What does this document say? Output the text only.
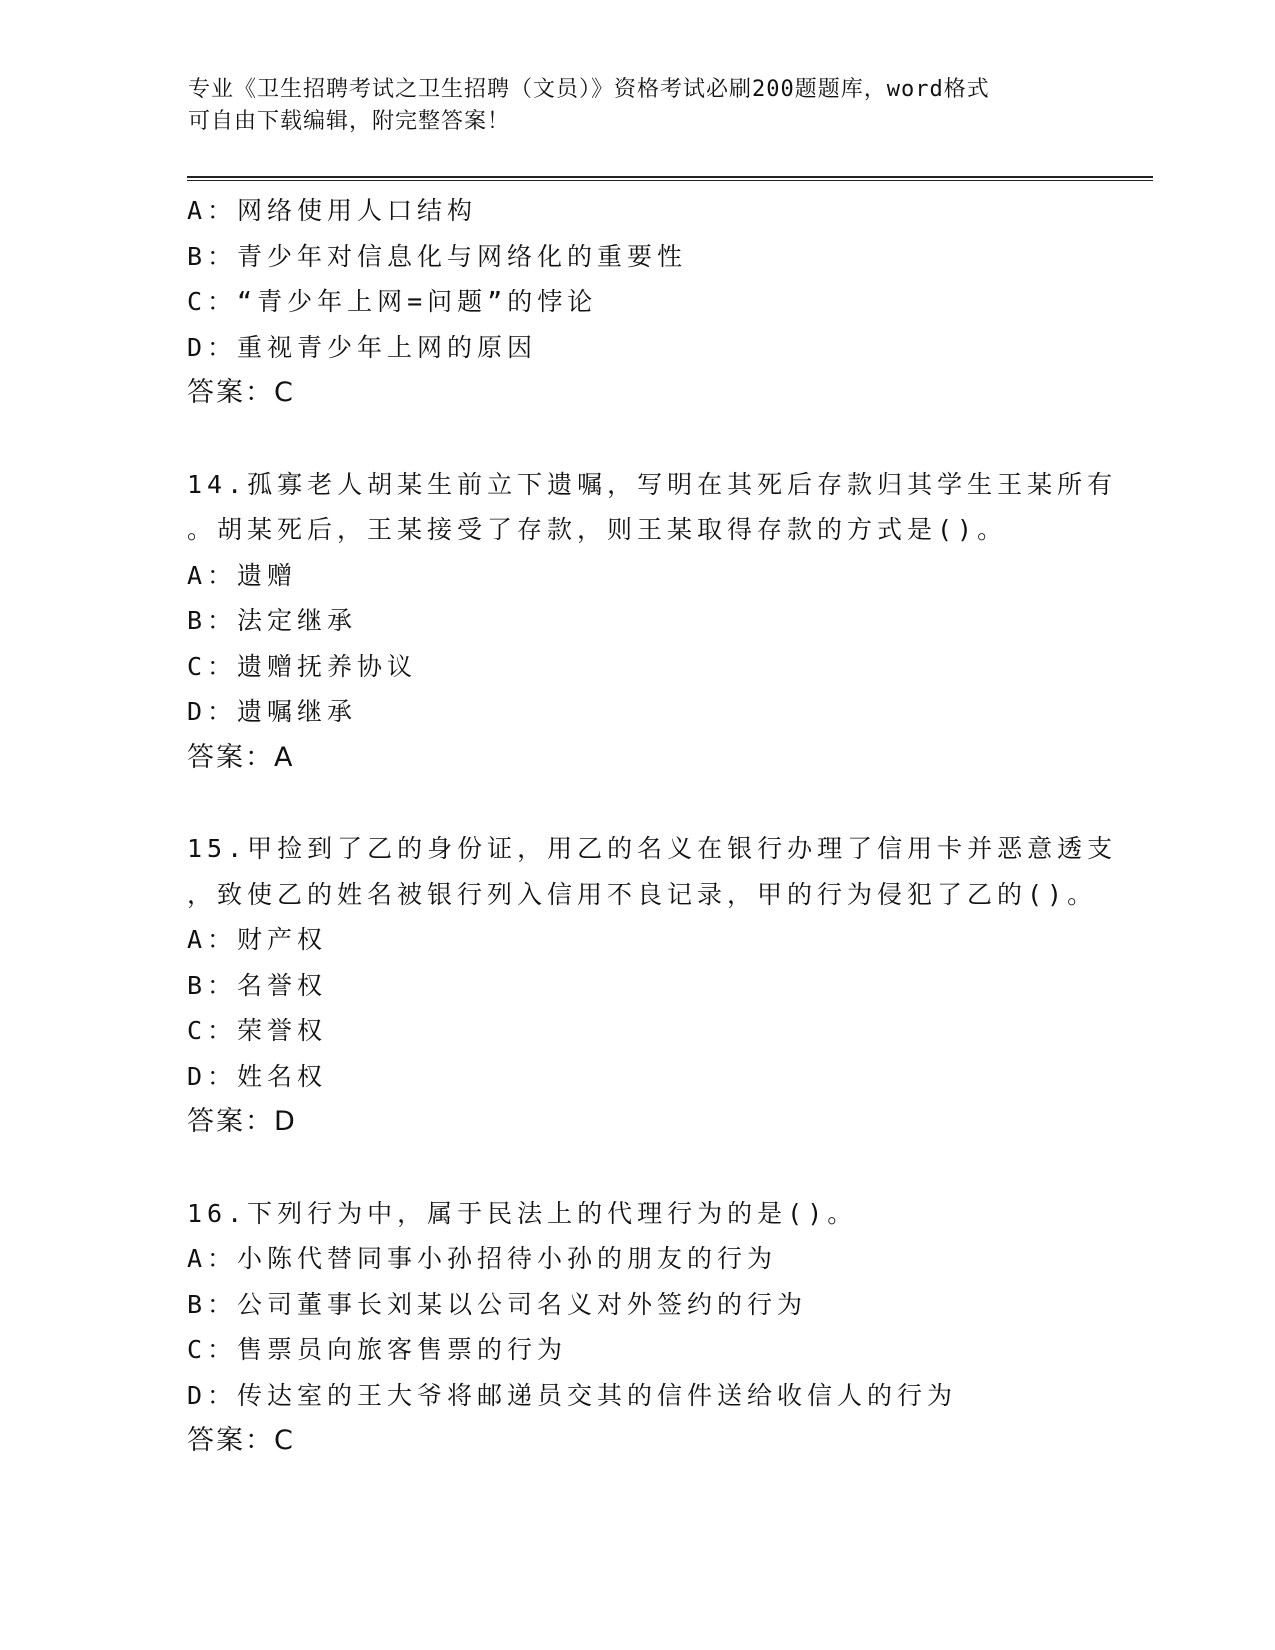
专业《卫生招聘考试之卫生招聘（文员）》资格考试必刷200题题库，word格式
可自由下载编辑，附完整答案！
A：网络使用人口结构
B：青少年对信息化与网络化的重要性
C：“青少年上网=问题”的悖论
D：重视青少年上网的原因
答案：C
14.孤寡老人胡某生前立下遗嘱，写明在其死后存款归其学生王某所有
。胡某死后，王某接受了存款，则王某取得存款的方式是()。
A：遗赠
B：法定继承
C：遗赠抚养协议
D：遗嘱继承
答案：A
15.甲捡到了乙的身份证，用乙的名义在银行办理了信用卡并恶意透支
，致使乙的姓名被银行列入信用不良记录，甲的行为侵犯了乙的()。
A：财产权
B：名誉权
C：荣誉权
D：姓名权
答案：D
16.下列行为中，属于民法上的代理行为的是()。
A：小陈代替同事小孙招待小孙的朋友的行为
B：公司董事长刘某以公司名义对外签约的行为
C：售票员向旅客售票的行为
D：传达室的王大爷将邮递员交其的信件送给收信人的行为
答案：C
